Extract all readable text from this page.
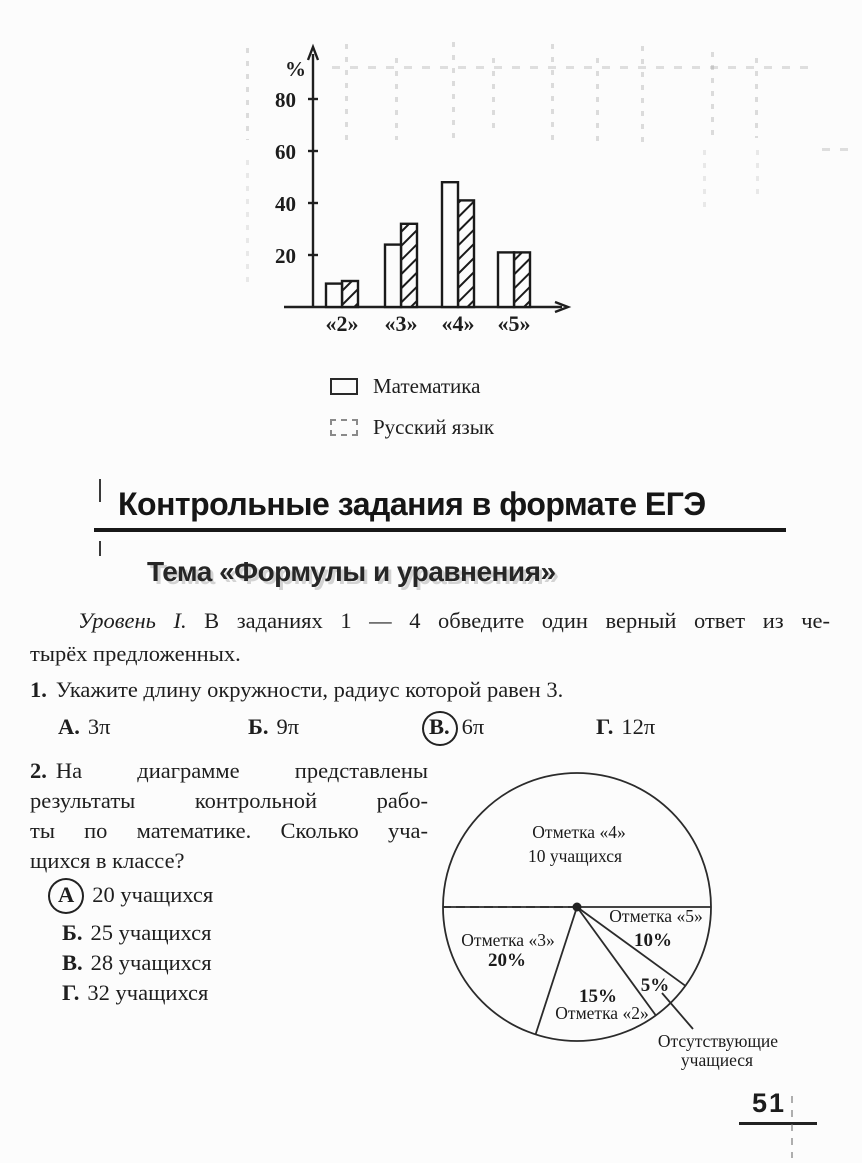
%
20
40
60
80
«2» «3» «4» «5»
Математика
Русский язык
Контрольные задания в формате ЕГЭ
Тема «Формулы и уравнения»
Уровень I. В заданиях 1 — 4 обведите один верный ответ из че-
тырёх предложенных.
1. Укажите длину окружности, радиус которой равен 3.
А. 3π	Б. 9π	В. 6π	Г. 12π
2. На диаграмме представлены
результаты контрольной рабо-
ты по математике. Сколько уча-
щихся в классе?
А 20 учащихся
Б. 25 учащихся
В. 28 учащихся
Г. 32 учащихся
Отметка «4»
10 учащихся
Отметка «5»
10%
5%
15%
Отметка «2»
Отметка «3»
20%
Отсутствующие
учащиеся
51
